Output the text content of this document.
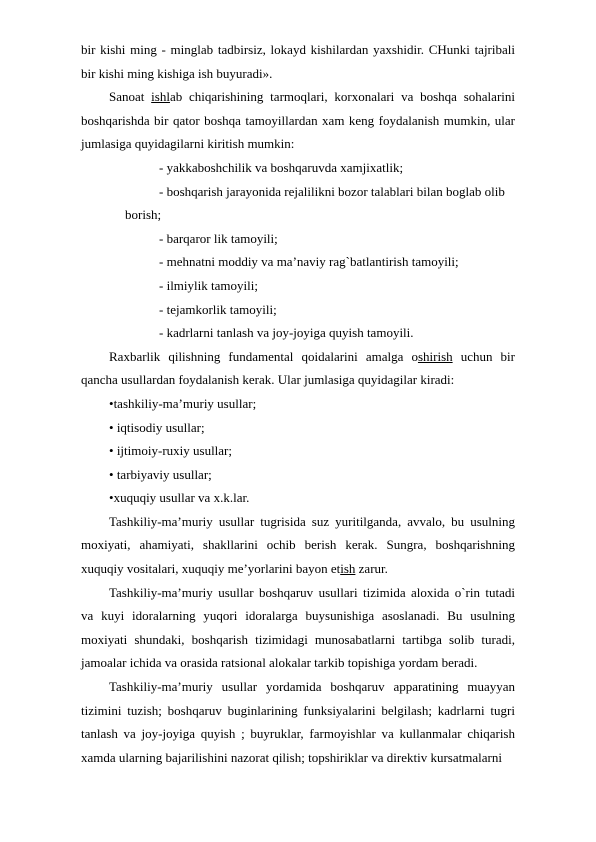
bir kishi ming - minglab tadbirsiz, lokayd kishilardan yaxshidir. CHunki tajribali bir kishi ming kishiga ish buyuradi».

Sanoat ishlab chiqarishining tarmoqlari, korxonalari va boshqa sohalarini boshqarishda bir qator boshqa tamoyillardan xam keng foydalanish mumkin, ular jumlasiga quyidagilarni kiritish mumkin:

- yakkaboshchilik va boshqaruvda xamjixatlik;

- boshqarish jarayonida rejalilikni bozor talablari bilan boglab olib

borish;

- barqaror lik tamoyili;

- mehnatni moddiy va ma’naviy rag`batlantirish tamoyili;

- ilmiylik tamoyili;

- tejamkorlik tamoyili;

- kadrlarni tanlash va joy-joyiga quyish tamoyili.

Raxbarlik qilishning fundamental qoidalarini amalga oshirish uchun bir qancha usullardan foydalanish kerak. Ular jumlasiga quyidagilar kiradi:

•tashkiliy-ma’muriy usullar;

• iqtisodiy usullar;

• ijtimoiy-ruxiy usullar;

• tarbiyaviy usullar;

•xuquqiy usullar va x.k.lar.

Tashkiliy-ma’muriy usullar tugrisida suz yuritilganda, avvalo, bu usulning moxiyati, ahamiyati, shakllarini ochib berish kerak. Sungra, boshqarishning xuquqiy vositalari, xuquqiy me’yorlarini bayon etish zarur.

Tashkiliy-ma’muriy usullar boshqaruv usullari tizimida aloxida o`rin tutadi va kuyi idoralarning yuqori idoralarga buysunishiga asoslanadi. Bu usulning moxiyati shundaki, boshqarish tizimidagi munosabatlarni tartibga solib turadi, jamoalar ichida va orasida ratsional alokalar tarkib topishiga yordam beradi.

Tashkiliy-ma’muriy usullar yordamida boshqaruv apparatining muayyan tizimini tuzish; boshqaruv buginlarining funksiyalarini belgilash; kadrlarni tugri tanlash va joy-joyiga quyish ; buyruklar, farmoyishlar va kullanmalar chiqarish xamda ularning bajarilishini nazorat qilish; topshiriklar va direktiv kursatmalarni
